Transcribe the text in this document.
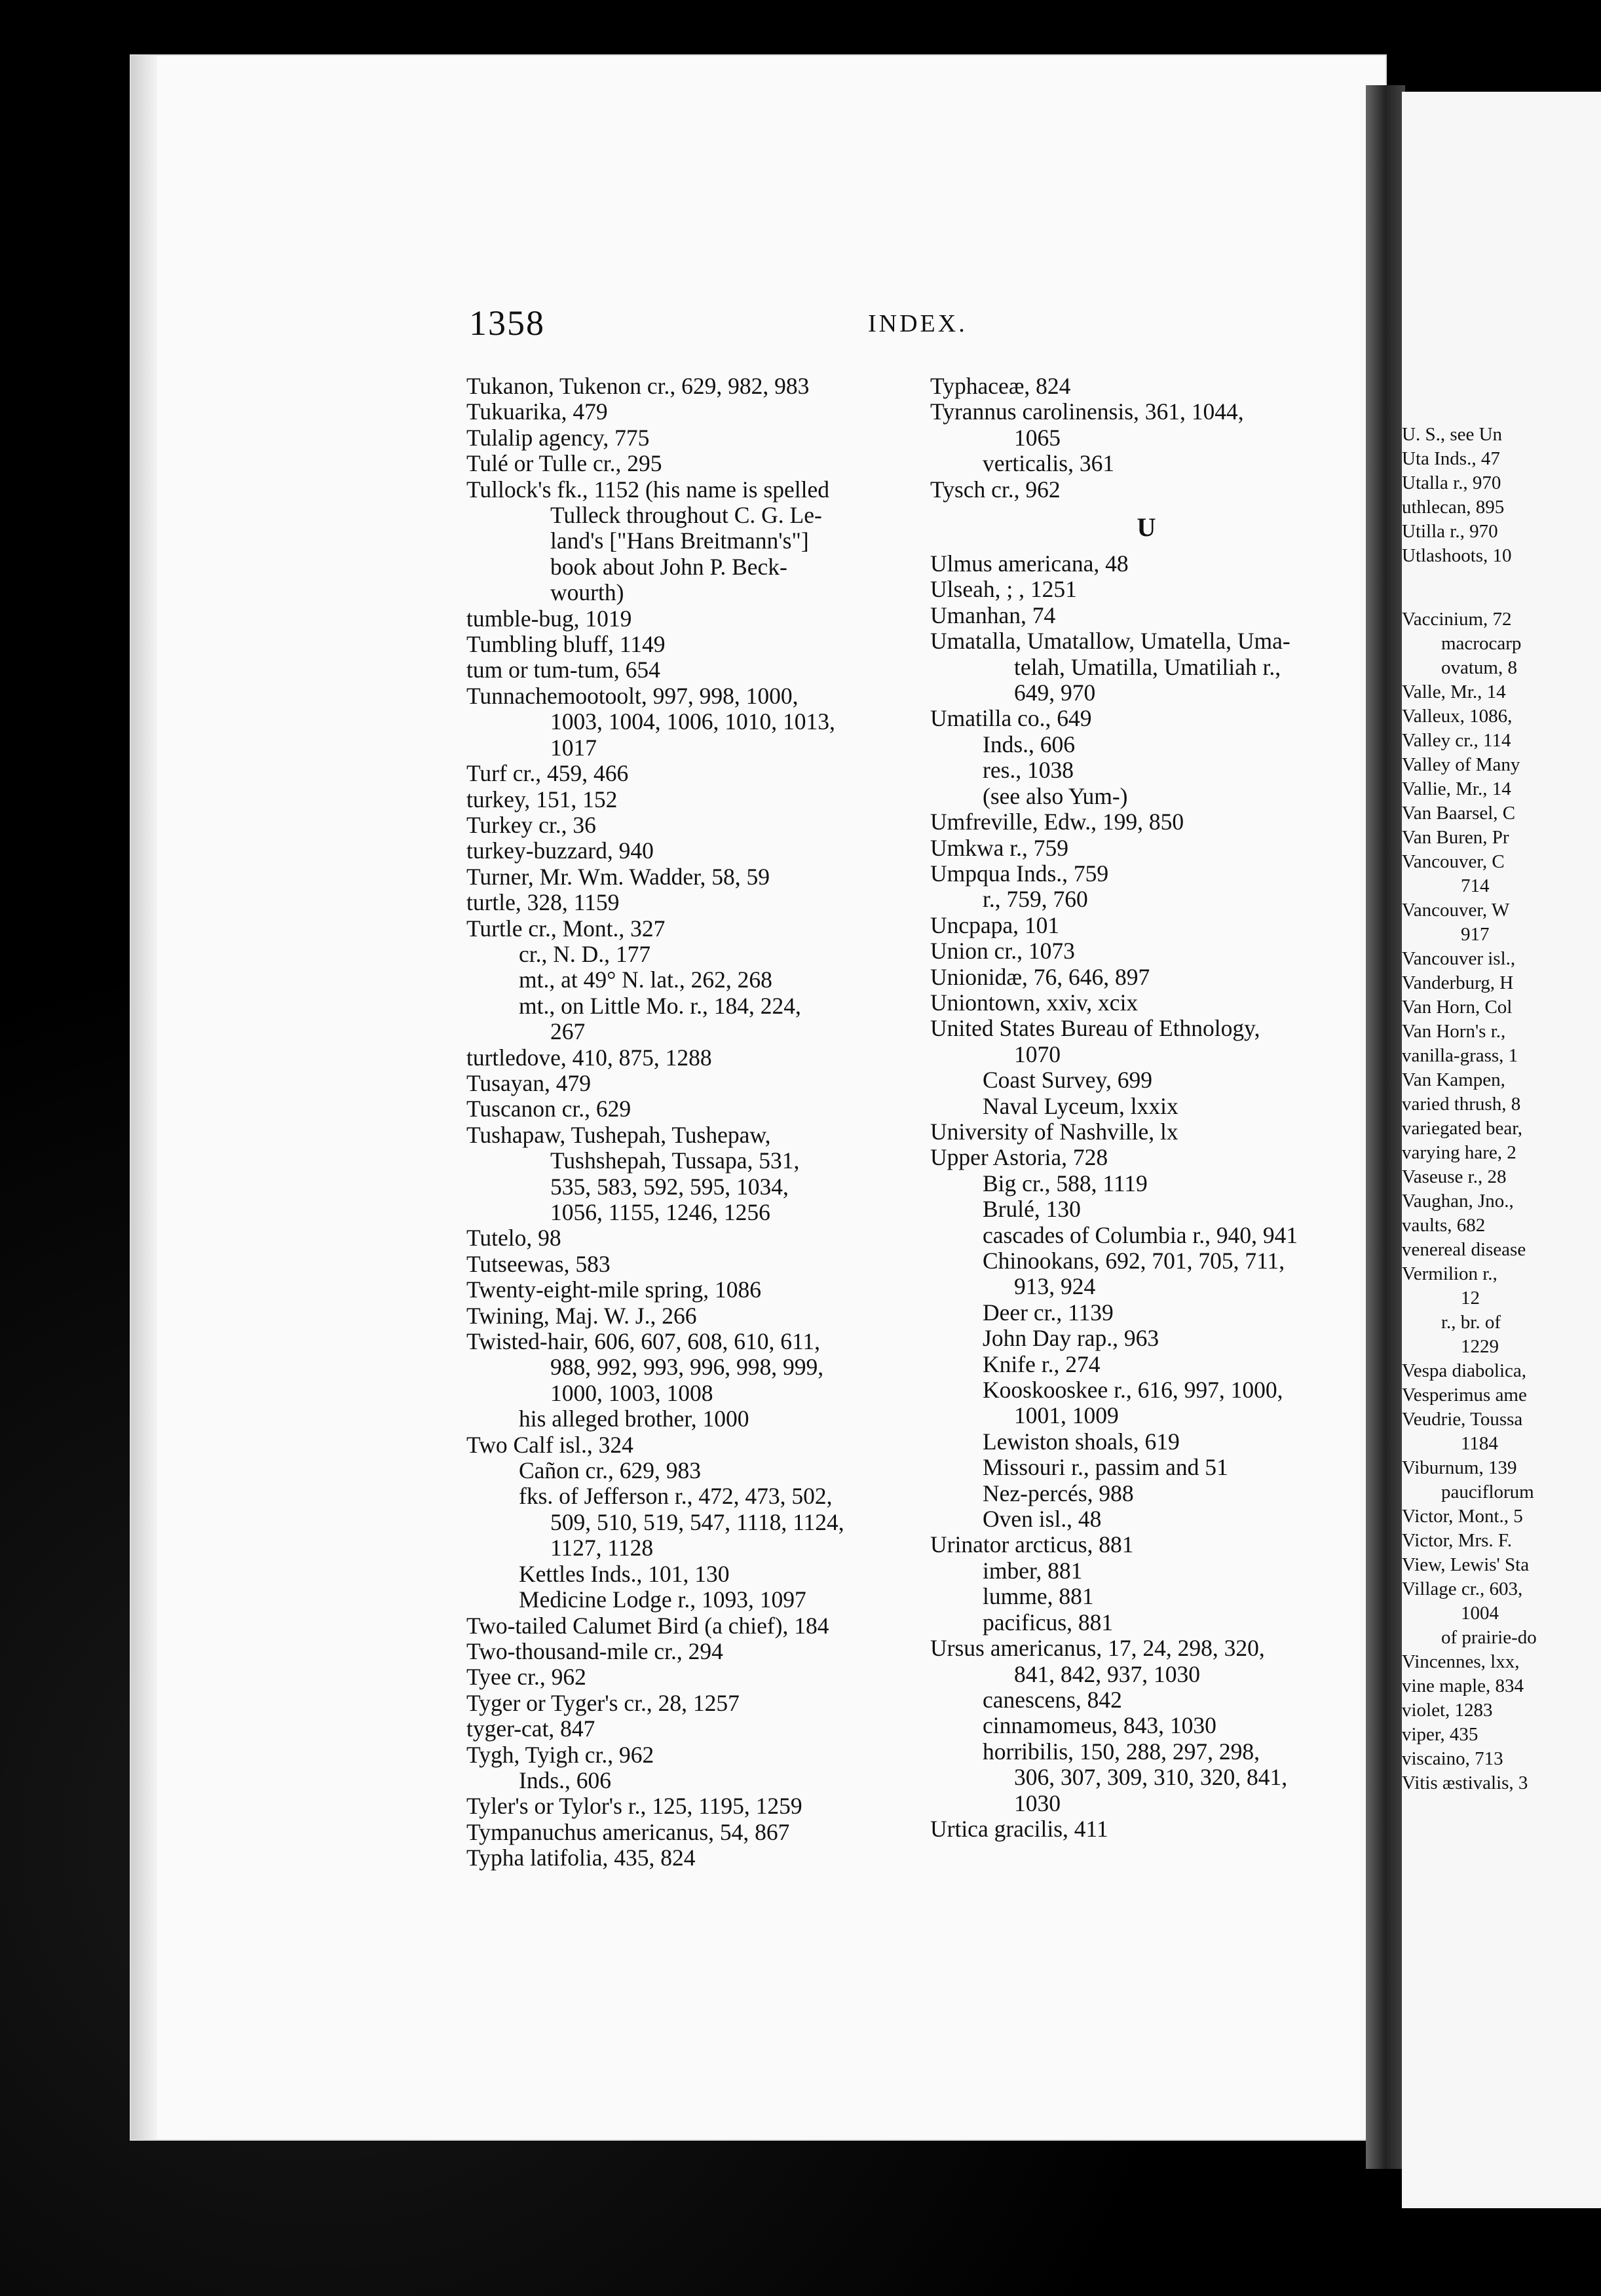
U. S., see Un
Uta Inds., 47
Utalla r., 970
uthlecan, 895
Utilla r., 970
Utlashoots, 10
Vaccinium, 72
macrocarp
ovatum, 8
Valle, Mr., 14
Valleux, 1086,
Valley cr., 114
Valley of Many
Vallie, Mr., 14
Van Baarsel, C
Van Buren, Pr
Vancouver, C
714
Vancouver, W
917
Vancouver isl.,
Vanderburg, H
Van Horn, Col
Van Horn's r.,
vanilla-grass, 1
Van Kampen,
varied thrush, 8
variegated bear,
varying hare, 2
Vaseuse r., 28
Vaughan, Jno.,
vaults, 682
venereal disease
Vermilion r.,
12
r., br. of
1229
Vespa diabolica,
Vesperimus ame
Veudrie, Toussa
1184
Viburnum, 139
pauciflorum
Victor, Mont., 5
Victor, Mrs. F.
View, Lewis' Sta
Village cr., 603,
1004
of prairie-do
Vincennes, lxx,
vine maple, 834
violet, 1283
viper, 435
viscaino, 713
Vitis æstivalis, 3
1358	INDEX.
Tukanon, Tukenon cr., 629, 982, 983
Tukuarika, 479
Tulalip agency, 775
Tulé or Tulle cr., 295
Tullock's fk., 1152 (his name is spelled
Tulleck throughout C. G. Le-
land's ["Hans Breitmann's"]
book about John P. Beck-
wourth)
tumble-bug, 1019
Tumbling bluff, 1149
tum or tum-tum, 654
Tunnachemootoolt, 997, 998, 1000,
1003, 1004, 1006, 1010, 1013,
1017
Turf cr., 459, 466
turkey, 151, 152
Turkey cr., 36
turkey-buzzard, 940
Turner, Mr. Wm. Wadder, 58, 59
turtle, 328, 1159
Turtle cr., Mont., 327
cr., N. D., 177
mt., at 49° N. lat., 262, 268
mt., on Little Mo. r., 184, 224,
267
turtledove, 410, 875, 1288
Tusayan, 479
Tuscanon cr., 629
Tushapaw, Tushepah, Tushepaw,
Tushshepah, Tussapa, 531,
535, 583, 592, 595, 1034,
1056, 1155, 1246, 1256
Tutelo, 98
Tutseewas, 583
Twenty-eight-mile spring, 1086
Twining, Maj. W. J., 266
Twisted-hair, 606, 607, 608, 610, 611,
988, 992, 993, 996, 998, 999,
1000, 1003, 1008
his alleged brother, 1000
Two Calf isl., 324
Cañon cr., 629, 983
fks. of Jefferson r., 472, 473, 502,
509, 510, 519, 547, 1118, 1124,
1127, 1128
Kettles Inds., 101, 130
Medicine Lodge r., 1093, 1097
Two-tailed Calumet Bird (a chief), 184
Two-thousand-mile cr., 294
Tyee cr., 962
Tyger or Tyger's cr., 28, 1257
tyger-cat, 847
Tygh, Tyigh cr., 962
Inds., 606
Tyler's or Tylor's r., 125, 1195, 1259
Tympanuchus americanus, 54, 867
Typha latifolia, 435, 824
Typhaceæ, 824
Tyrannus carolinensis, 361, 1044,
1065
verticalis, 361
Tysch cr., 962
U
Ulmus americana, 48
Ulseah, ; , 1251
Umanhan, 74
Umatalla, Umatallow, Umatella, Uma-
telah, Umatilla, Umatiliah r.,
649, 970
Umatilla co., 649
Inds., 606
res., 1038
(see also Yum-)
Umfreville, Edw., 199, 850
Umkwa r., 759
Umpqua Inds., 759
r., 759, 760
Uncpapa, 101
Union cr., 1073
Unionidæ, 76, 646, 897
Uniontown, xxiv, xcix
United States Bureau of Ethnology,
1070
Coast Survey, 699
Naval Lyceum, lxxix
University of Nashville, lx
Upper Astoria, 728
Big cr., 588, 1119
Brulé, 130
cascades of Columbia r., 940, 941
Chinookans, 692, 701, 705, 711,
913, 924
Deer cr., 1139
John Day rap., 963
Knife r., 274
Kooskooskee r., 616, 997, 1000,
1001, 1009
Lewiston shoals, 619
Missouri r., passim and 51
Nez-percés, 988
Oven isl., 48
Urinator arcticus, 881
imber, 881
lumme, 881
pacificus, 881
Ursus americanus, 17, 24, 298, 320,
841, 842, 937, 1030
canescens, 842
cinnamomeus, 843, 1030
horribilis, 150, 288, 297, 298,
306, 307, 309, 310, 320, 841,
1030
Urtica gracilis, 411
